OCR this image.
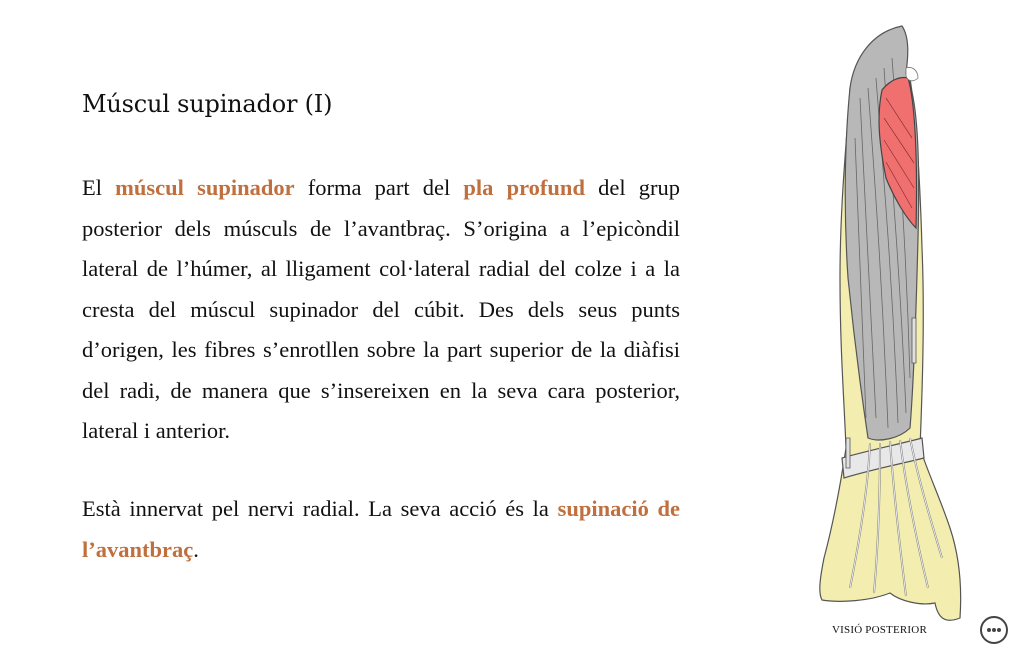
Múscul supinador (I)

El múscul supinador forma part del pla profund del grup posterior dels músculs de l’avantbraç. S’origina a l’epicòndil lateral de l’húmer, al lligament col·lateral radial del colze i a la cresta del múscul supinador del cúbit. Des dels seus punts d’origen, les fibres s’enrotllen sobre la part superior de la diàfisi del radi, de manera que s’insereixen en la seva cara posterior, lateral i anterior.

Està innervat pel nervi radial. La seva acció és la supinació de l’avantbraç.

VISIÓ POSTERIOR
